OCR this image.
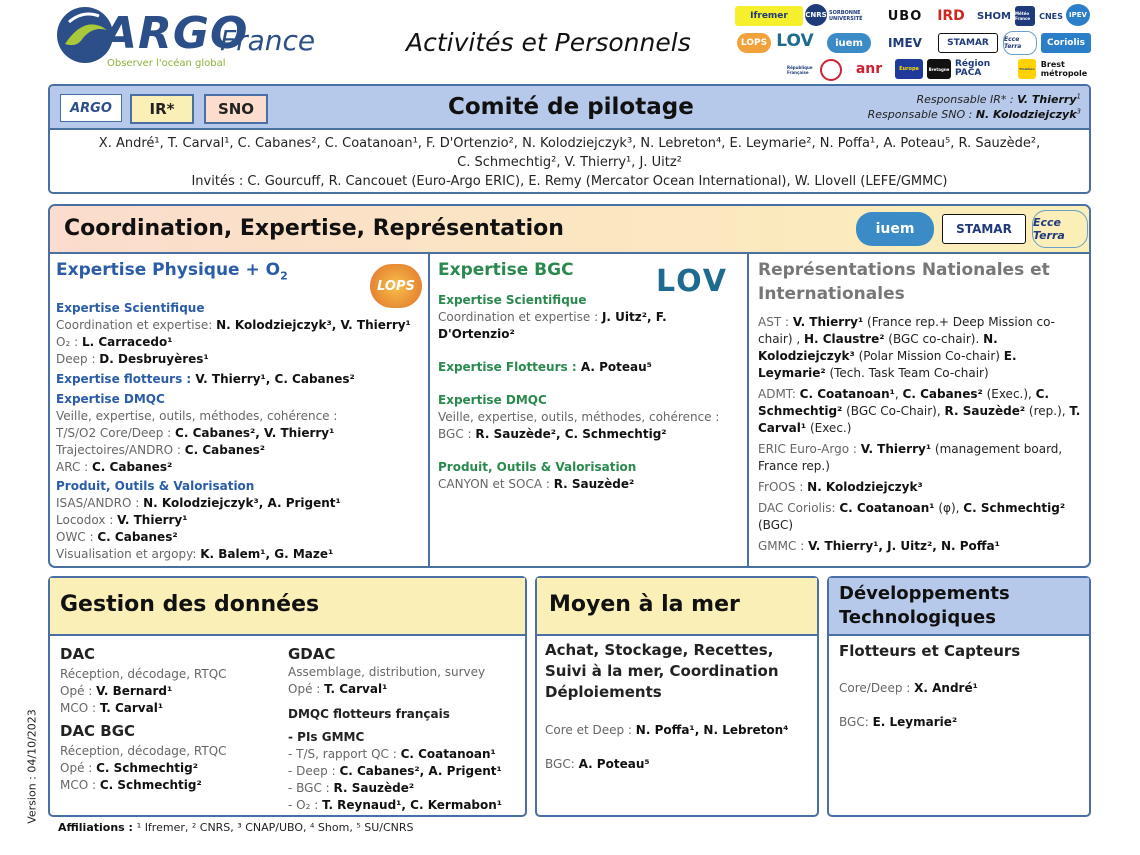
ARGO
France
Observer l'océan global
Activités et Personnels
Ifremer	CNRS SORBONNE UNIVERSITÉ	UBO	IRD	SHOM Météo France	CNES IPEV
LOPS LOV	iuem	IMEV	STAMAR	Ecce Terra	Coriolis
République Française	anr	Europe	Bretagne Région PACA	Finistère Brest métropole
ARGO	IR*	SNO	Comité de pilotage	Responsable IR* : V. Thierry$^1$
Responsable SNO : N. Kolodziejczyk$^3$
X. André¹, T. Carval¹, C. Cabanes², C. Coatanoan¹, F. D'Ortenzio², N. Kolodziejczyk³, N. Lebreton⁴, E. Leymarie², N. Poffa¹, A. Poteau⁵, R. Sauzède²,
C. Schmechtig², V. Thierry¹, J. Uitz²
Invités : C. Gourcuff, R. Cancouet (Euro-Argo ERIC), E. Remy (Mercator Ocean International), W. Llovell (LEFE/GMMC)
Coordination, Expertise, Représentation	iuem	STAMAR	Ecce Terra
Expertise Physique + $O_2$
LOPS
Expertise Scientifique
Coordination et expertise: N. Kolodziejczyk³, V. Thierry¹
O₂ : L. Carracedo¹
Deep : D. Desbruyères¹
Expertise flotteurs : V. Thierry¹, C. Cabanes²
Expertise DMQC
Veille, expertise, outils, méthodes, cohérence :
T/S/O2 Core/Deep : C. Cabanes², V. Thierry¹
Trajectoires/ANDRO : C. Cabanes²
ARC : C. Cabanes²
Produit, Outils & Valorisation
ISAS/ANDRO : N. Kolodziejczyk³, A. Prigent¹
Locodox : V. Thierry¹
OWC : C. Cabanes²
Visualisation et argopy: K. Balem¹, G. Maze¹
Expertise BGC	LOV
Expertise Scientifique
Coordination et expertise : J. Uitz², F. D'Ortenzio²
Expertise Flotteurs : A. Poteau⁵
Expertise DMQC
Veille, expertise, outils, méthodes, cohérence :
BGC : R. Sauzède², C. Schmechtig²
Produit, Outils & Valorisation
CANYON et SOCA : R. Sauzède²
Représentations Nationales et
Internationales
AST : V. Thierry¹ (France rep.+ Deep Mission co-chair) , H. Claustre² (BGC co-chair). N. Kolodziejczyk³ (Polar Mission Co-chair) E. Leymarie² (Tech. Task Team Co-chair)
ADMT: C. Coatanoan¹, C. Cabanes² (Exec.), C. Schmechtig² (BGC Co-Chair), R. Sauzède² (rep.), T. Carval¹ (Exec.)
ERIC Euro-Argo : V. Thierry¹ (management board, France rep.)
FrOOS : N. Kolodziejczyk³
DAC Coriolis: C. Coatanoan¹ (φ), C. Schmechtig² (BGC)
GMMC : V. Thierry¹, J. Uitz², N. Poffa¹
Gestion des données
DAC
Réception, décodage, RTQC
Opé : V. Bernard¹
MCO : T. Carval¹
DAC BGC
Réception, décodage, RTQC
Opé : C. Schmechtig²
MCO : C. Schmechtig²
GDAC
Assemblage, distribution, survey
Opé : T. Carval¹
DMQC flotteurs français
- PIs GMMC
- T/S, rapport QC : C. Coatanoan¹
- Deep : C. Cabanes², A. Prigent¹
- BGC : R. Sauzède²
- O₂ : T. Reynaud¹, C. Kermabon¹
Moyen à la mer
Achat, Stockage, Recettes, Suivi à la mer, Coordination Déploiements
Core et Deep : N. Poffa¹, N. Lebreton⁴
BGC: A. Poteau⁵
Développements Technologiques
Flotteurs et Capteurs
Core/Deep : X. André¹
BGC: E. Leymarie²
Affiliations : ¹ Ifremer, ² CNRS, ³ CNAP/UBO, ⁴ Shom, ⁵ SU/CNRS
Version : 04/10/2023
